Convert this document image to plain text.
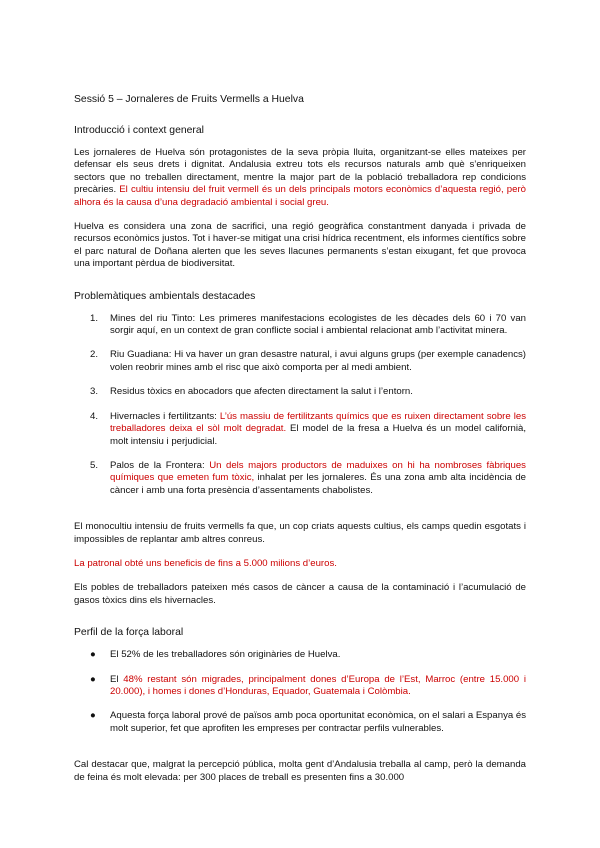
Sessió 5 – Jornaleres de Fruits Vermells a Huelva
Introducció i context general

Les jornaleres de Huelva són protagonistes de la seva pròpia lluita, organitzant-se elles mateixes per defensar els seus drets i dignitat. Andalusia extreu tots els recursos naturals amb què s’enriqueixen sectors que no treballen directament, mentre la major part de la població treballadora rep condicions precàries. El cultiu intensiu del fruit vermell és un dels principals motors econòmics d’aquesta regió, però alhora és la causa d’una degradació ambiental i social greu.

Huelva es considera una zona de sacrifici, una regió geogràfica constantment danyada i privada de recursos econòmics justos. Tot i haver-se mitigat una crisi hídrica recentment, els informes científics sobre el parc natural de Doñana alerten que les seves llacunes permanents s’estan eixugant, fet que provoca una important pèrdua de biodiversitat.

Problemàtiques ambientals destacades
1. Mines del riu Tinto: Les primeres manifestacions ecologistes de les dècades dels 60 i 70 van sorgir aquí, en un context de gran conflicte social i ambiental relacionat amb l’activitat minera.

2. Riu Guadiana: Hi va haver un gran desastre natural, i avui alguns grups (per exemple canadencs) volen reobrir mines amb el risc que això comporta per al medi ambient.

3. Residus tòxics en abocadors que afecten directament la salut i l’entorn.

4. Hivernacles i fertilitzants: L’ús massiu de fertilitzants químics que es ruixen directament sobre les treballadores deixa el sòl molt degradat. El model de la fresa a Huelva és un model californià, molt intensiu i perjudicial.

5. Palos de la Frontera: Un dels majors productors de maduixes on hi ha nombroses fàbriques químiques que emeten fum tòxic, inhalat per les jornaleres. És una zona amb alta incidència de càncer i amb una forta presència d’assentaments chabolistes.

El monocultiu intensiu de fruits vermells fa que, un cop criats aquests cultius, els camps quedin esgotats i impossibles de replantar amb altres conreus.

La patronal obté uns beneficis de fins a 5.000 milions d’euros.

Els pobles de treballadors pateixen més casos de càncer a causa de la contaminació i l’acumulació de gasos tòxics dins els hivernacles.

Perfil de la força laboral
● El 52% de les treballadores són originàries de Huelva.

● El 48% restant són migrades, principalment dones d’Europa de l’Est, Marroc (entre 15.000 i 20.000), i homes i dones d’Honduras, Equador, Guatemala i Colòmbia.

● Aquesta força laboral prové de països amb poca oportunitat econòmica, on el salari a Espanya és molt superior, fet que aprofiten les empreses per contractar perfils vulnerables.

Cal destacar que, malgrat la percepció pública, molta gent d’Andalusia treballa al camp, però la demanda de feina és molt elevada: per 300 places de treball es presenten fins a 30.000
